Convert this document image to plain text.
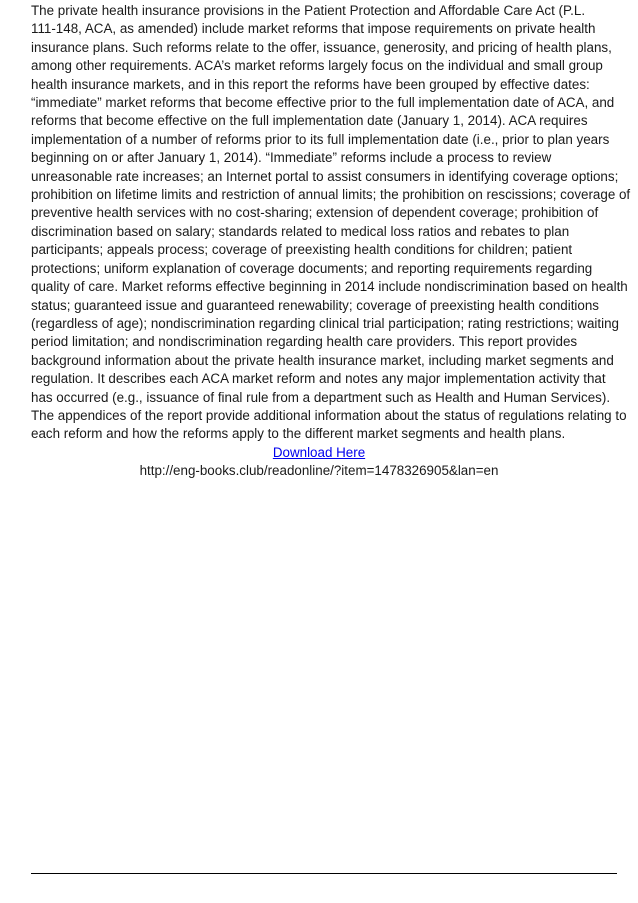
The private health insurance provisions in the Patient Protection and Affordable Care Act (P.L.
111-148, ACA, as amended) include market reforms that impose requirements on private health
insurance plans. Such reforms relate to the offer, issuance, generosity, and pricing of health plans,
among other requirements. ACA’s market reforms largely focus on the individual and small group
health insurance markets, and in this report the reforms have been grouped by effective dates:
“immediate” market reforms that become effective prior to the full implementation date of ACA, and
reforms that become effective on the full implementation date (January 1, 2014). ACA requires
implementation of a number of reforms prior to its full implementation date (i.e., prior to plan years
beginning on or after January 1, 2014). “Immediate” reforms include a process to review
unreasonable rate increases; an Internet portal to assist consumers in identifying coverage options;
prohibition on lifetime limits and restriction of annual limits; the prohibition on rescissions; coverage of
preventive health services with no cost-sharing; extension of dependent coverage; prohibition of
discrimination based on salary; standards related to medical loss ratios and rebates to plan
participants; appeals process; coverage of preexisting health conditions for children; patient
protections; uniform explanation of coverage documents; and reporting requirements regarding
quality of care. Market reforms effective beginning in 2014 include nondiscrimination based on health
status; guaranteed issue and guaranteed renewability; coverage of preexisting health conditions
(regardless of age); nondiscrimination regarding clinical trial participation; rating restrictions; waiting
period limitation; and nondiscrimination regarding health care providers. This report provides
background information about the private health insurance market, including market segments and
regulation. It describes each ACA market reform and notes any major implementation activity that
has occurred (e.g., issuance of final rule from a department such as Health and Human Services).
The appendices of the report provide additional information about the status of regulations relating to
each reform and how the reforms apply to the different market segments and health plans.

Download Here
http://eng-books.club/readonline/?item=1478326905&lan=en
